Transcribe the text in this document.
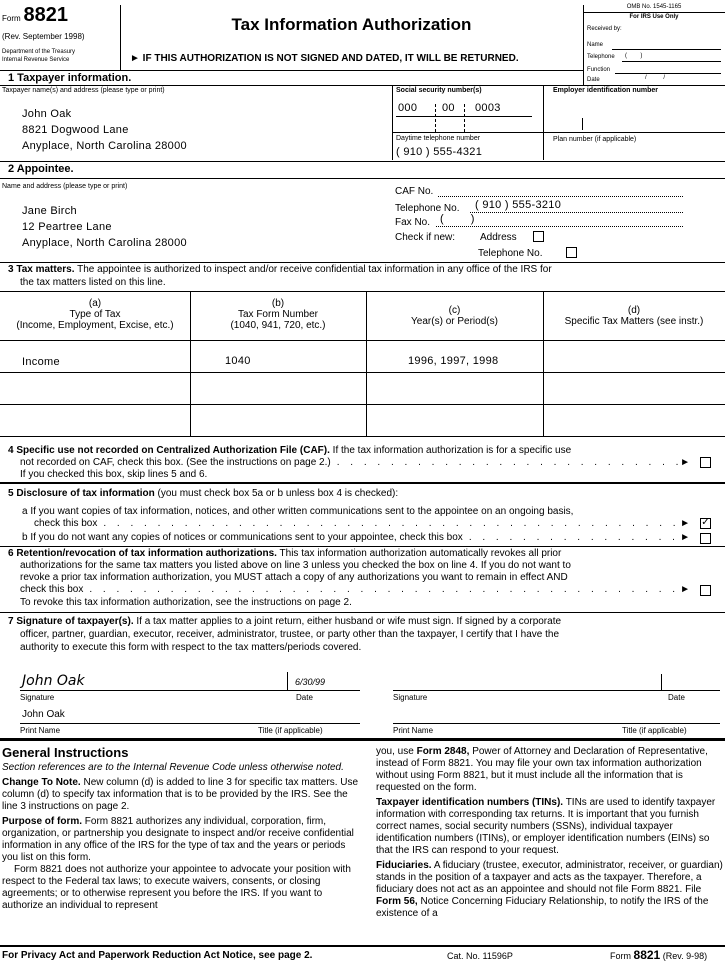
Form 8821
(Rev. September 1998)
Department of the Treasury
Internal Revenue Service
Tax Information Authorization
► IF THIS AUTHORIZATION IS NOT SIGNED AND DATED, IT WILL BE RETURNED.
OMB No. 1545-1165
For IRS Use Only
Received by:
Name
Telephone (        )
Function
Date	/          /
1 Taxpayer information.
Taxpayer name(s) and address (please type or print)
John Oak
8821 Dogwood Lane
Anyplace, North Carolina 28000
Social security number(s)
000 00 0003
Employer identification number
Daytime telephone number
( 910 ) 555-4321
Plan number (if applicable)
2 Appointee.
Name and address (please type or print)
Jane Birch
12 Peartree Lane
Anyplace, North Carolina 28000
CAF No.
Telephone No. ( 910 ) 555-3210
Fax No. (        )
Check if new: Address
Telephone No.
3 Tax matters. The appointee is authorized to inspect and/or receive confidential tax information in any office of the IRS for
the tax matters listed on this line.
(a)
Type of Tax
(Income, Employment, Excise, etc.)
(b)
Tax Form Number
(1040, 941, 720, etc.)
(c)
Year(s) or Period(s)
(d)
Specific Tax Matters (see instr.)
Income	1040	1996, 1997, 1998
4 Specific use not recorded on Centralized Authorization File (CAF). If the tax information authorization is for a specific use
not recorded on CAF, check this box. (See the instructions on page 2.) . . .	►
If you checked this box, skip lines 5 and 6.
5 Disclosure of tax information (you must check box 5a or b unless box 4 is checked):
a If you want copies of tax information, notices, and other written communications sent to the appointee on an ongoing basis,
check this box . . .	► ✓
b If you do not want any copies of notices or communications sent to your appointee, check this box . . .	►
6 Retention/revocation of tax information authorizations. This tax information authorization automatically revokes all prior
authorizations for the same tax matters you listed above on line 3 unless you checked the box on line 4. If you do not want to
revoke a prior tax information authorization, you MUST attach a copy of any authorizations you want to remain in effect AND
check this box . . .	►
To revoke this tax information authorization, see the instructions on page 2.
7 Signature of taxpayer(s). If a tax matter applies to a joint return, either husband or wife must sign. If signed by a corporate
officer, partner, guardian, executor, receiver, administrator, trustee, or party other than the taxpayer, I certify that I have the
authority to execute this form with respect to the tax matters/periods covered.
John Oak	6/30/99
Signature	Date
John Oak
Print Name	Title (if applicable)
Signature	Date
Print Name	Title (if applicable)
General Instructions
Section references are to the Internal Revenue Code unless otherwise noted.
Change To Note. New column (d) is added to line 3 for specific tax matters. Use column (d) to specify tax information that is to be provided by the IRS. See the line 3 instructions on page 2.
Purpose of form. Form 8821 authorizes any individual, corporation, firm, organization, or partnership you designate to inspect and/or receive confidential information in any office of the IRS for the type of tax and the years or periods you list on this form.
Form 8821 does not authorize your appointee to advocate your position with respect to the Federal tax laws; to execute waivers, consents, or closing agreements; or to otherwise represent you before the IRS. If you want to authorize an individual to represent
you, use Form 2848, Power of Attorney and Declaration of Representative, instead of Form 8821. You may file your own tax information authorization without using Form 8821, but it must include all the information that is requested on the form.
Taxpayer identification numbers (TINs). TINs are used to identify taxpayer information with corresponding tax returns. It is important that you furnish correct names, social security numbers (SSNs), individual taxpayer identification numbers (ITINs), or employer identification numbers (EINs) so that the IRS can respond to your request.
Fiduciaries. A fiduciary (trustee, executor, administrator, receiver, or guardian) stands in the position of a taxpayer and acts as the taxpayer. Therefore, a fiduciary does not act as an appointee and should not file Form 8821. File Form 56, Notice Concerning Fiduciary Relationship, to notify the IRS of the existence of a
For Privacy Act and Paperwork Reduction Act Notice, see page 2.	Cat. No. 11596P	Form 8821 (Rev. 9-98)
